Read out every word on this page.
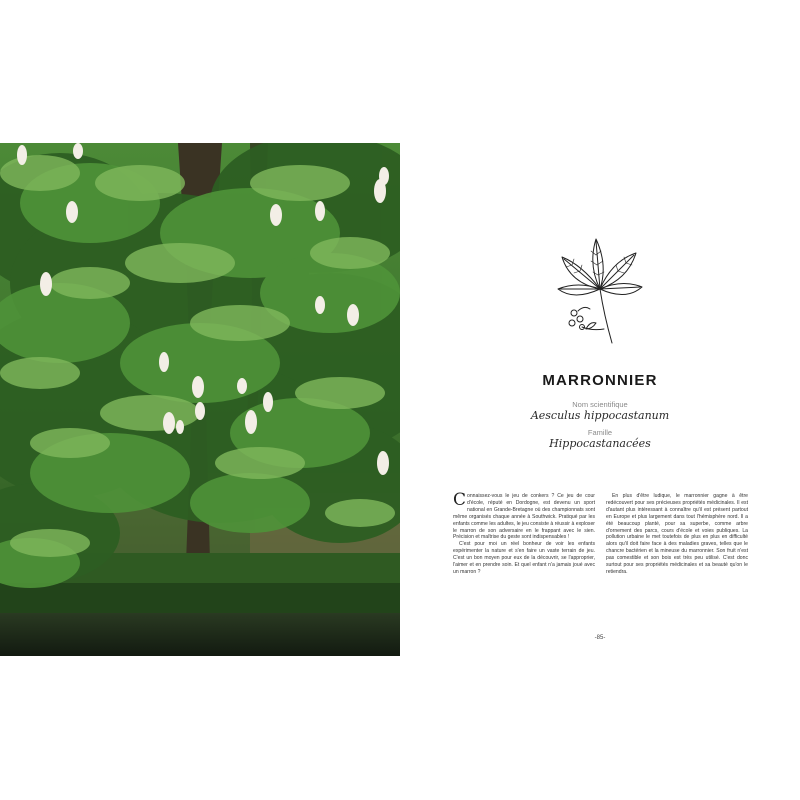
MARRONNIER
Nom scientifique
Aesculus hippocastanum
Famille
Hippocastanacées

Connaissez-vous le jeu de conkers ? Ce jeu de cour d'école, réputé en Dordogne, est devenu un sport national en Grande-Bretagne où des championnats sont même organisés chaque année à Southwick. Pratiqué par les enfants comme les adultes, le jeu consiste à réussir à exploser le marron de son adversaire en le frappant avec le sien. Précision et maîtrise du geste sont indispensables !

C'est pour moi un réel bonheur de voir les enfants expérimenter la nature et s'en faire un vaste terrain de jeu. C'est un bon moyen pour eux de la découvrir, se l'approprier, l'aimer et en prendre soin. Et quel enfant n'a jamais joué avec un marron ?

En plus d'être ludique, le marronnier gagne à être redécouvert pour ses précieuses propriétés médicinales. Il est d'autant plus intéressant à connaître qu'il est présent partout en Europe et plus largement dans tout l'hémisphère nord. Il a été beaucoup planté, pour sa superbe, comme arbre d'ornement des parcs, cours d'école et voies publiques. La pollution urbaine le met toutefois de plus en plus en difficulté alors qu'il doit faire face à des maladies graves, telles que le chancre bactérien et la mineuse du marronnier. Son fruit n'est pas comestible et son bois est très peu utilisé. C'est donc surtout pour ses propriétés médicinales et sa beauté qu'on le retiendra.

-85-
